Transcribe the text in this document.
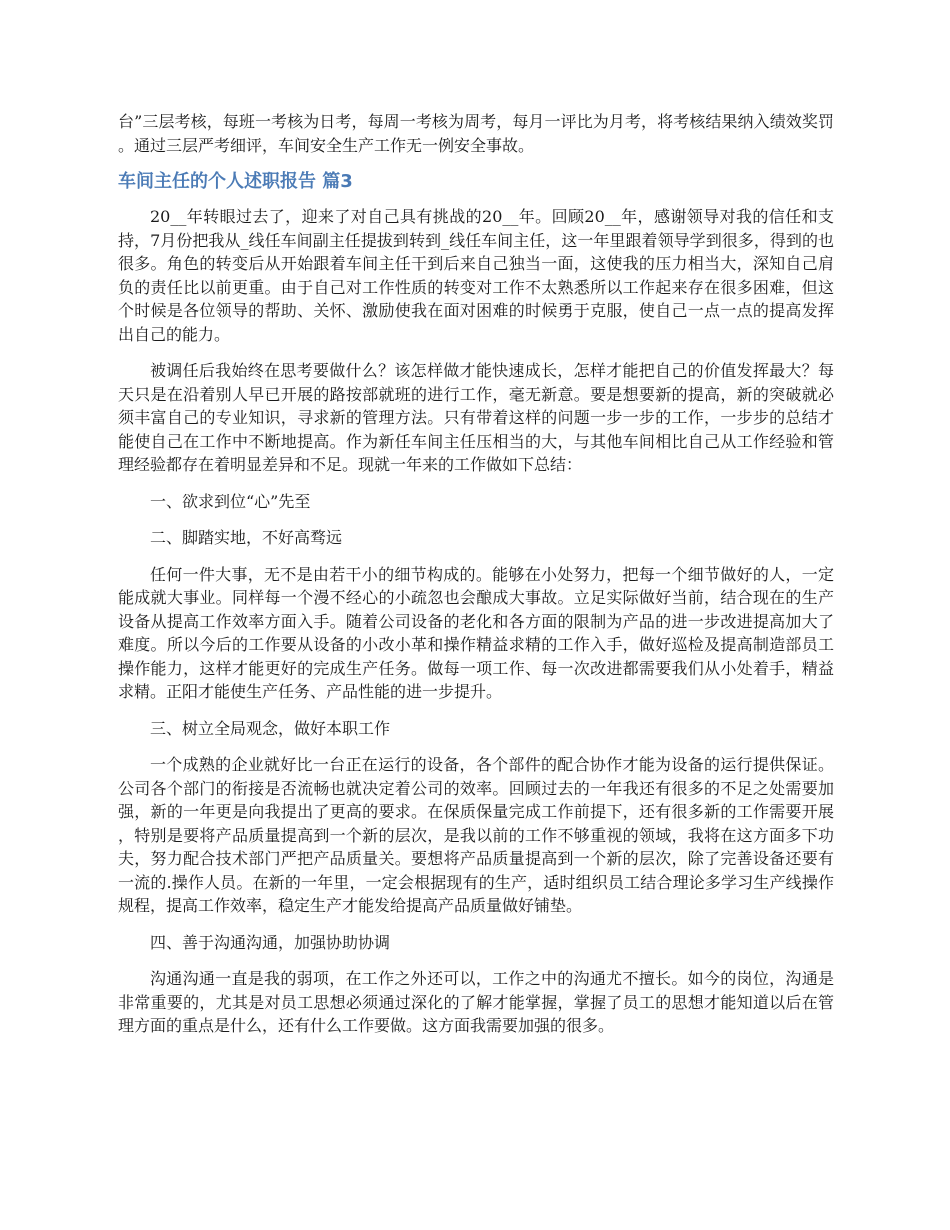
台”三层考核，每班一考核为日考，每周一考核为周考，每月一评比为月考，将考核结果纳入绩效奖罚。通过三层严考细评，车间安全生产工作无一例安全事故。

车间主任的个人述职报告 篇3

20__年转眼过去了，迎来了对自己具有挑战的20__年。回顾20__年，感谢领导对我的信任和支持，7月份把我从_线任车间副主任提拔到转到_线任车间主任，这一年里跟着领导学到很多，得到的也很多。角色的转变后从开始跟着车间主任干到后来自己独当一面，这使我的压力相当大，深知自己肩负的责任比以前更重。由于自己对工作性质的转变对工作不太熟悉所以工作起来存在很多困难，但这个时候是各位领导的帮助、关怀、激励使我在面对困难的时候勇于克服，使自己一点一点的提高发挥出自己的能力。

被调任后我始终在思考要做什么？该怎样做才能快速成长，怎样才能把自己的价值发挥最大？每天只是在沿着别人早已开展的路按部就班的进行工作，毫无新意。要是想要新的提高，新的突破就必须丰富自己的专业知识，寻求新的管理方法。只有带着这样的问题一步一步的工作，一步步的总结才能使自己在工作中不断地提高。作为新任车间主任压相当的大，与其他车间相比自己从工作经验和管理经验都存在着明显差异和不足。现就一年来的工作做如下总结：

一、欲求到位“心”先至

二、脚踏实地，不好高骛远

任何一件大事，无不是由若干小的细节构成的。能够在小处努力，把每一个细节做好的人，一定能成就大事业。同样每一个漫不经心的小疏忽也会酿成大事故。立足实际做好当前，结合现在的生产设备从提高工作效率方面入手。随着公司设备的老化和各方面的限制为产品的进一步改进提高加大了难度。所以今后的工作要从设备的小改小革和操作精益求精的工作入手，做好巡检及提高制造部员工操作能力，这样才能更好的完成生产任务。做每一项工作、每一次改进都需要我们从小处着手，精益求精。正阳才能使生产任务、产品性能的进一步提升。

三、树立全局观念，做好本职工作

一个成熟的企业就好比一台正在运行的设备，各个部件的配合协作才能为设备的运行提供保证。公司各个部门的衔接是否流畅也就决定着公司的效率。回顾过去的一年我还有很多的不足之处需要加强，新的一年更是向我提出了更高的要求。在保质保量完成工作前提下，还有很多新的工作需要开展，特别是要将产品质量提高到一个新的层次，是我以前的工作不够重视的领域，我将在这方面多下功夫，努力配合技术部门严把产品质量关。要想将产品质量提高到一个新的层次，除了完善设备还要有一流的.操作人员。在新的一年里，一定会根据现有的生产，适时组织员工结合理论多学习生产线操作规程，提高工作效率，稳定生产才能发给提高产品质量做好铺垫。

四、善于沟通沟通，加强协助协调

沟通沟通一直是我的弱项，在工作之外还可以，工作之中的沟通尤不擅长。如今的岗位，沟通是非常重要的，尤其是对员工思想必须通过深化的了解才能掌握，掌握了员工的思想才能知道以后在管理方面的重点是什么，还有什么工作要做。这方面我需要加强的很多。
